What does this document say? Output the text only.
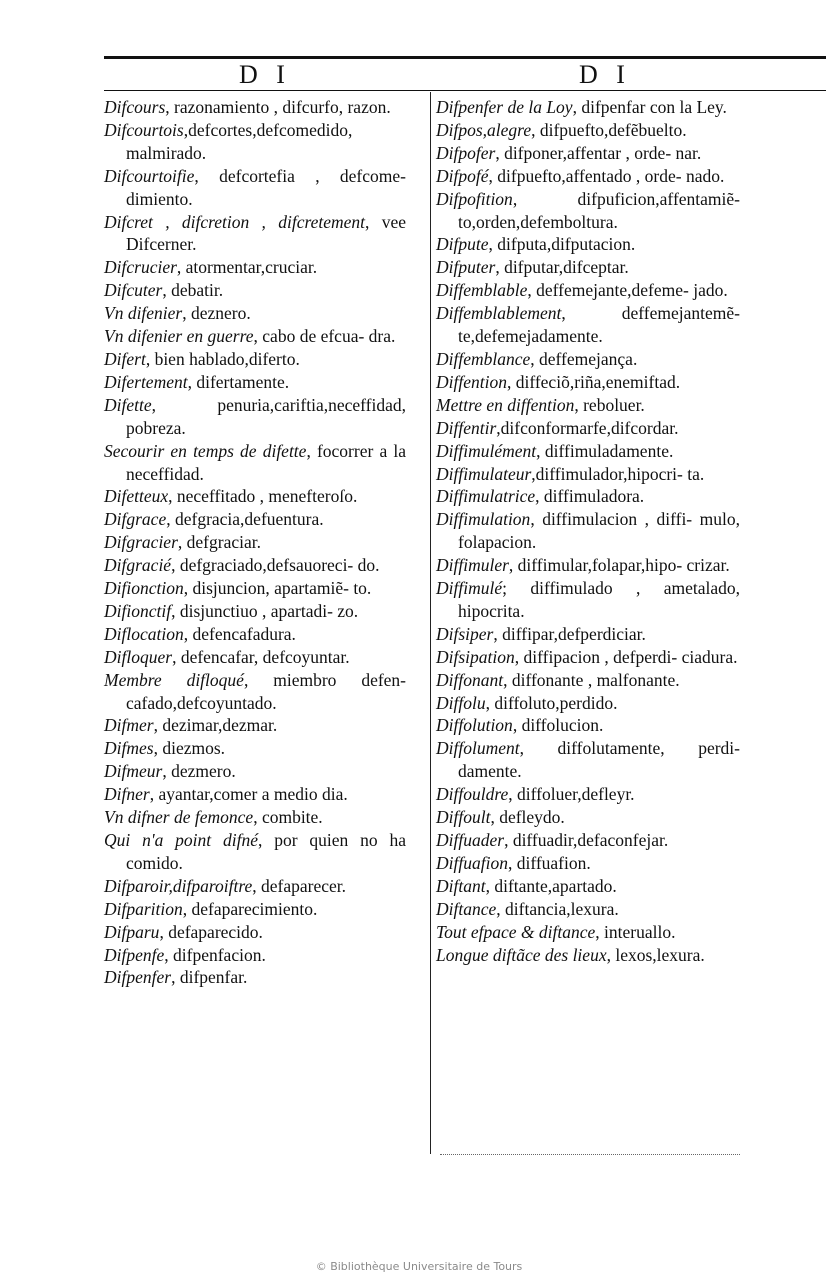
D I	D I

Difcours, razonamiento , difcurfo, razon.

Difcourtois,defcortes,defcomedido, malmirado.

Difcourtoifie, defcortefia , defcome- dimiento.

Difcret , difcretion , difcretement, vee Difcerner.

Difcrucier, atormentar,cruciar.

Difcuter, debatir.

Vn difenier, deznero.

Vn difenier en guerre, cabo de efcua- dra.

Difert, bien hablado,diferto.

Difertement, difertamente.

Difette, penuria,cariftia,neceffidad, pobreza.

Secourir en temps de difette, focorrer a la neceffidad.

Difetteux, neceffitado , menefteroſo.

Difgrace, defgracia,defuentura.

Difgracier, defgraciar.

Difgracié, defgraciado,defsauoreci- do.

Difionction, disjuncion, apartamiẽ- to.

Difionctif, disjunctiuo , apartadi- zo.

Diflocation, defencafadura.

Difloquer, defencafar, defcoyuntar.

Membre difloqué, miembro defen- cafado,defcoyuntado.

Difmer, dezimar,dezmar.

Difmes, diezmos.

Difmeur, dezmero.

Difner, ayantar,comer a medio dia.

Vn difner de femonce, combite.

Qui n'a point difné, por quien no ha comido.

Difparoir,difparoiftre, defaparecer.

Difparition, defaparecimiento.

Difparu, defaparecido.

Difpenfe, difpenfacion.

Difpenfer, difpenfar.

Difpenfer de la Loy, difpenfar con la Ley.

Difpos,alegre, difpuefto,defẽbuelto.

Difpofer, difponer,affentar , orde- nar.

Difpofé, difpuefto,affentado , orde- nado.

Difpofition, difpuficion,affentamiẽ- to,orden,defemboltura.

Difpute, difputa,difputacion.

Difputer, difputar,difceptar.

Diffemblable, deffemejante,defeme- jado.

Diffemblablement, deffemejantemẽ- te,defemejadamente.

Diffemblance, deffemejança.

Diffention, diffeciõ,riña,enemiftad.

Mettre en diffention, reboluer.

Diffentir,difconformarfe,difcordar.

Diffimulément, diffimuladamente.

Diffimulateur,diffimulador,hipocri- ta.

Diffimulatrice, diffimuladora.

Diffimulation, diffimulacion , diffi- mulo, folapacion.

Diffimuler, diffimular,folapar,hipo- crizar.

Diffimulé; diffimulado , ametalado, hipocrita.

Difsiper, diffipar,defperdiciar.

Difsipation, diffipacion , defperdi- ciadura.

Diffonant, diffonante , malfonante.

Diffolu, diffoluto,perdido.

Diffolution, diffolucion.

Diffolument, diffolutamente, perdi- damente.

Diffouldre, diffoluer,defleyr.

Diffoult, defleydo.

Diffuader, diffuadir,defaconfejar.

Diffuafion, diffuafion.

Diftant, diftante,apartado.

Diftance, diftancia,lexura.

Tout efpace & diftance, interuallo.

Longue diftãce des lieux, lexos,lexura.

© Bibliothèque Universitaire de Tours
